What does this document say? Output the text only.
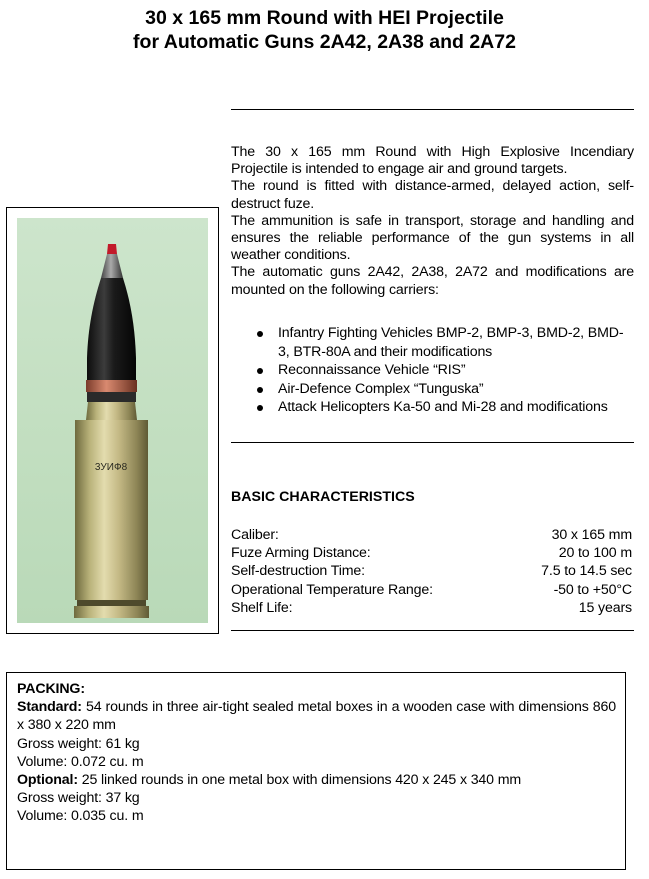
30 x 165 mm Round with HEI Projectile
for Automatic Guns 2A42, 2A38 and 2A72

The 30 x 165 mm Round with High Explosive Incendiary Projectile is intended to engage air and ground targets.

The round is fitted with distance-armed, delayed action, self-destruct fuze.

The ammunition is safe in transport, storage and handling and ensures the reliable performance of the gun systems in all weather conditions.

The automatic guns 2A42, 2A38, 2A72 and modifications are mounted on the following carriers:

Infantry Fighting Vehicles BMP-2, BMP-3, BMD-2, BMD-3, BTR-80A and their modifications
Reconnaissance Vehicle “RIS”
Air-Defence Complex “Tunguska”
Attack Helicopters Ka-50 and Mi-28 and modifications
3УИФ8
BASIC CHARACTERISTICS
Caliber:	30 x 165 mm
Fuze Arming Distance:	20 to 100 m
Self-destruction Time:	7.5 to 14.5 sec
Operational Temperature Range:	-50 to +50°C
Shelf Life:	15 years

PACKING:

Standard: 54 rounds in three air-tight sealed metal boxes in a wooden case with dimensions 860 x 380 x 220 mm

Gross weight: 61 kg

Volume: 0.072 cu. m

Optional: 25 linked rounds in one metal box with dimensions 420 x 245 x 340 mm

Gross weight: 37 kg

Volume: 0.035 cu. m
